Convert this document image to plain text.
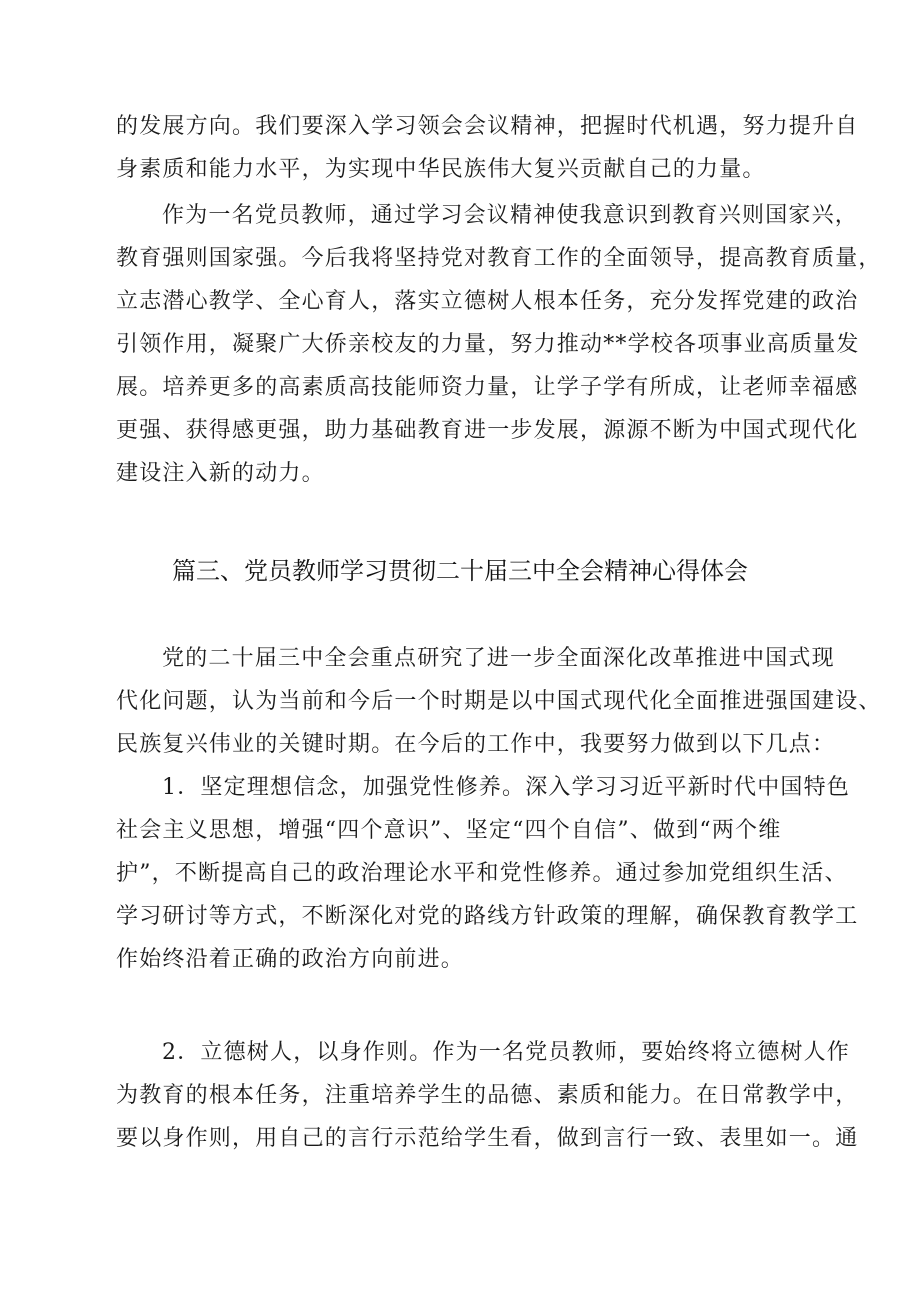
的发展方向。我们要深入学习领会会议精神，把握时代机遇，努力提升自
身素质和能力水平，为实现中华民族伟大复兴贡献自己的力量。
作为一名党员教师，通过学习会议精神使我意识到教育兴则国家兴，
教育强则国家强。今后我将坚持党对教育工作的全面领导，提高教育质量，
立志潜心教学、全心育人，落实立德树人根本任务，充分发挥党建的政治
引领作用，凝聚广大侨亲校友的力量，努力推动**学校各项事业高质量发
展。培养更多的高素质高技能师资力量，让学子学有所成，让老师幸福感
更强、获得感更强，助力基础教育进一步发展，源源不断为中国式现代化
建设注入新的动力。
篇三、党员教师学习贯彻二十届三中全会精神心得体会
党的二十届三中全会重点研究了进一步全面深化改革推进中国式现
代化问题，认为当前和今后一个时期是以中国式现代化全面推进强国建设、
民族复兴伟业的关键时期。在今后的工作中，我要努力做到以下几点：
1．坚定理想信念，加强党性修养。深入学习习近平新时代中国特色
社会主义思想，增强“四个意识”、坚定“四个自信”、做到“两个维
护”，不断提高自己的政治理论水平和党性修养。通过参加党组织生活、
学习研讨等方式，不断深化对党的路线方针政策的理解，确保教育教学工
作始终沿着正确的政治方向前进。
2．立德树人，以身作则。作为一名党员教师，要始终将立德树人作
为教育的根本任务，注重培养学生的品德、素质和能力。在日常教学中，
要以身作则，用自己的言行示范给学生看，做到言行一致、表里如一。通
